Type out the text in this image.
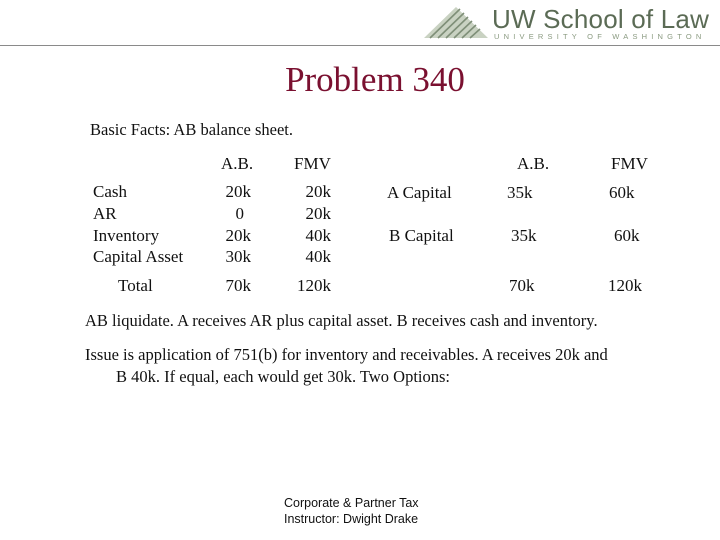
UW School of Law
UNIVERSITY OF WASHINGTON
Problem 340
Basic Facts: AB balance sheet.
A.B. FMV
Cash	20k	20k
AR	0	20k
Inventory	20k	40k
Capital Asset	30k	40k
Total	70k	120k
A.B.	FMV
A Capital	35k	60k
B Capital	35k	60k
70k	120k
AB liquidate. A receives AR plus capital asset. B receives cash and inventory.
Issue is application of 751(b) for inventory and receivables. A receives 20k and
B 40k. If equal, each would get 30k. Two Options:
Corporate & Partner Tax
Instructor: Dwight Drake
